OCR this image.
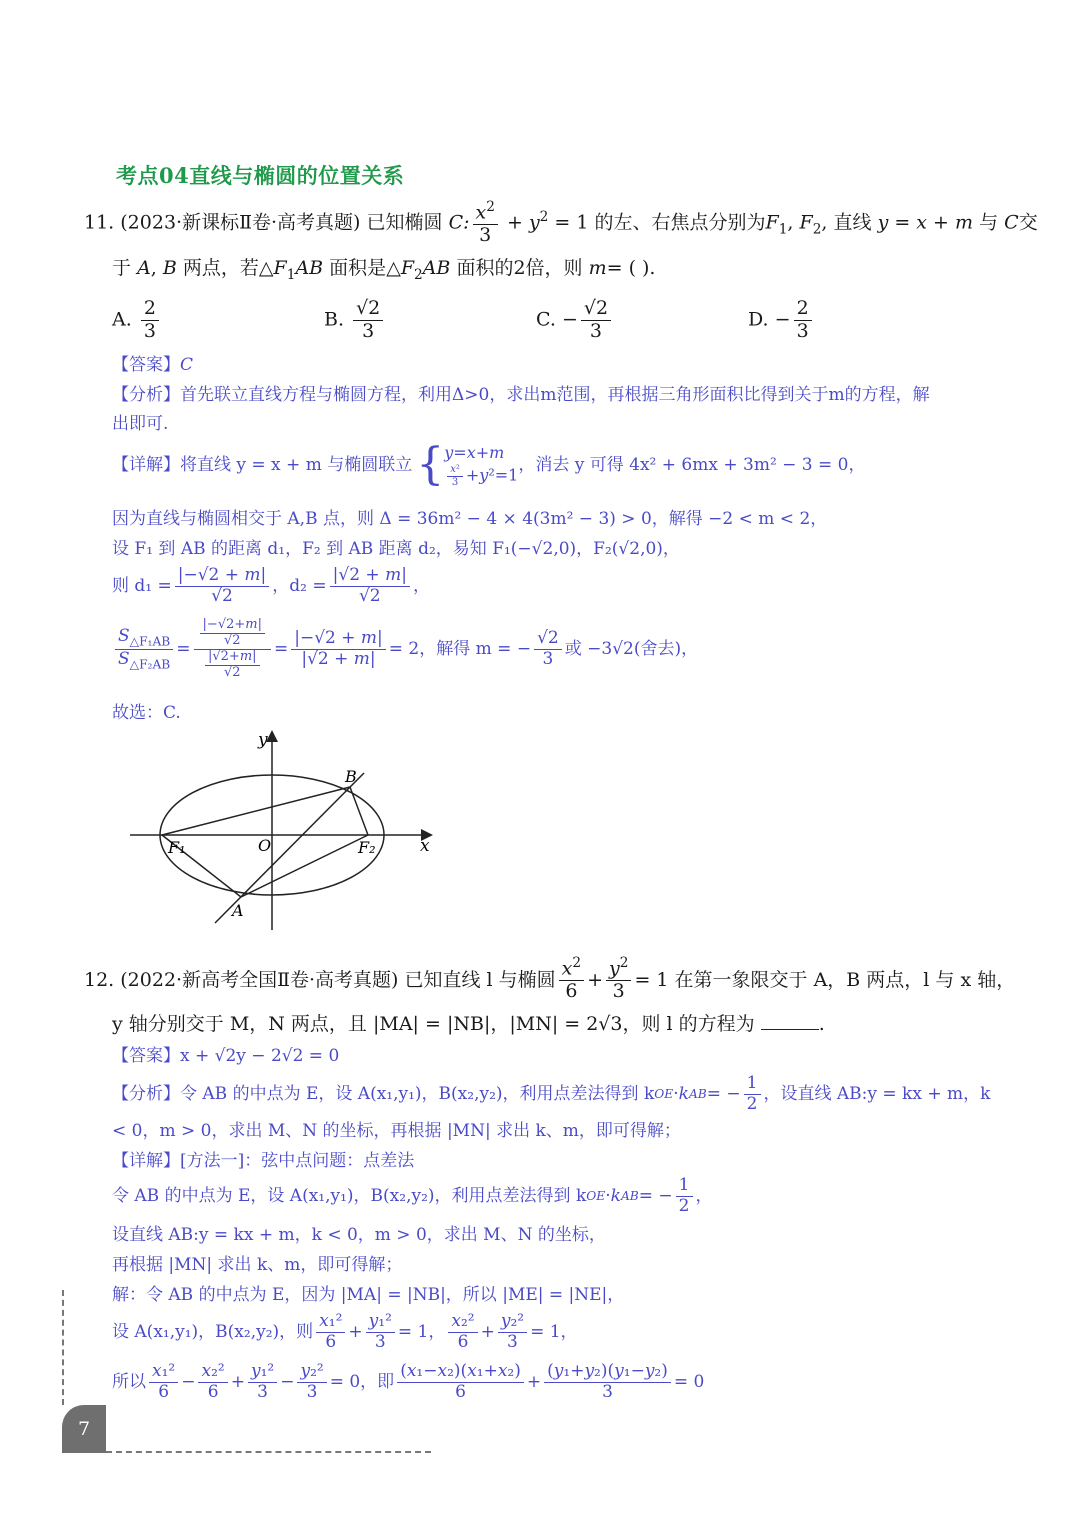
考点04直线与椭圆的位置关系
11. (2023·新课标Ⅱ卷·高考真题) 已知椭圆 C: $\frac{x^2}{3} + y^2 = 1$ 的左、右焦点分别为$F_1$, $F_2$, 直线 y = x + m 与 C交
于 A, B 两点，若$\triangle F_1AB$ 面积是$\triangle F_2AB$ 面积的2倍，则 m= ( ).
A. $\frac{2}{3}$	B. $\frac{√2}{3}$	C. − $\frac{√2}{3}$	D. − $\frac{2}{3}$
【答案】C
【分析】首先联立直线方程与椭圆方程，利用Δ>0，求出m范围，再根据三角形面积比得到关于m的方程，解
出即可.
【详解】 将直线 y = x + m 与椭圆联立 { y=x+m
$\frac{\text{x²}}{3} +y^2=1$ ，消去 y 可得 4x² + 6mx + 3m² − 3 = 0，
因为直线与椭圆相交于 A,B 点，则 Δ = 36m² − 4 × 4(3m² − 3) > 0，解得 −2 < m < 2，
设 F₁ 到 AB 的距离 d₁，F₂ 到 AB 距离 d₂，易知 F₁(−√2,0)，F₂(√2,0)，
则 $d_1 = \frac{|-√2 + m|}{√2}$ ，$d_2 = \frac{|√2 + m|}{√2}$ ，
$\frac{S_{\triangle F_1AB}}{S_{\triangle F_2AB}} = \frac{\frac{|-√2+m|}{√2}}{\frac{|√2+m|}{√2}} = \frac{|-√2 + m|}{|√2 + m|} = 2$，解得 m = − $\frac{√2}{3}$ 或 −3√2(舍去)，
故选：C.
y
x
O
B
A
F₁	F₂
12.
(2022·新高考全国Ⅱ卷·高考真题)
已知直线 l 与椭圆 $\frac{x^2}{6} + \frac{y^2}{3} = 1$ 在第一象限交于 A，B 两点，l 与 x 轴，
y 轴分别交于 M，N 两点，且 |MA| = |NB|，|MN| = 2√3，则 l 的方程为	.
【答案】x + √2y − 2√2 = 0
【分析】 令 AB 的中点为 E，设 A(x₁,y₁)，B(x₂,y₂)，利用点差法得到 k OE · k AB = − $\frac{1}{2}$ ，设直线 AB:y = kx + m，k
< 0，m > 0，求出 M、N 的坐标，再根据 |MN| 求出 k、m，即可得解；
【详解】[方法一]：弦中点问题：点差法
令 AB 的中点为 E，设 A(x₁,y₁)，B(x₂,y₂)，利用点差法得到 k OE · k AB = − $\frac{1}{2}$ ，
设直线 AB:y = kx + m，k < 0，m > 0，求出 M、N 的坐标，
再根据 |MN| 求出 k、m，即可得解；
解：令 AB 的中点为 E，因为 |MA| = |NB|，所以 |ME| = |NE|，
设 A(x₁,y₁)，B(x₂,y₂)，则 $\frac{\text{x₁²}}{6} + \frac{\text{y₁²}}{3} = 1$， $\frac{\text{x₂²}}{6} + \frac{\text{y₂²}}{3} = 1$，
所以 $\frac{\text{x₁²}}{6} - \frac{\text{x₂²}}{6} + \frac{\text{y₁²}}{3} - \frac{\text{y₂²}}{3} = 0$，即 $\frac{\text{(x₁−x₂)(x₁+x₂)}}{6} + \frac{\text{(y₁+y₂)(y₁−y₂)}}{3} = 0$
7
